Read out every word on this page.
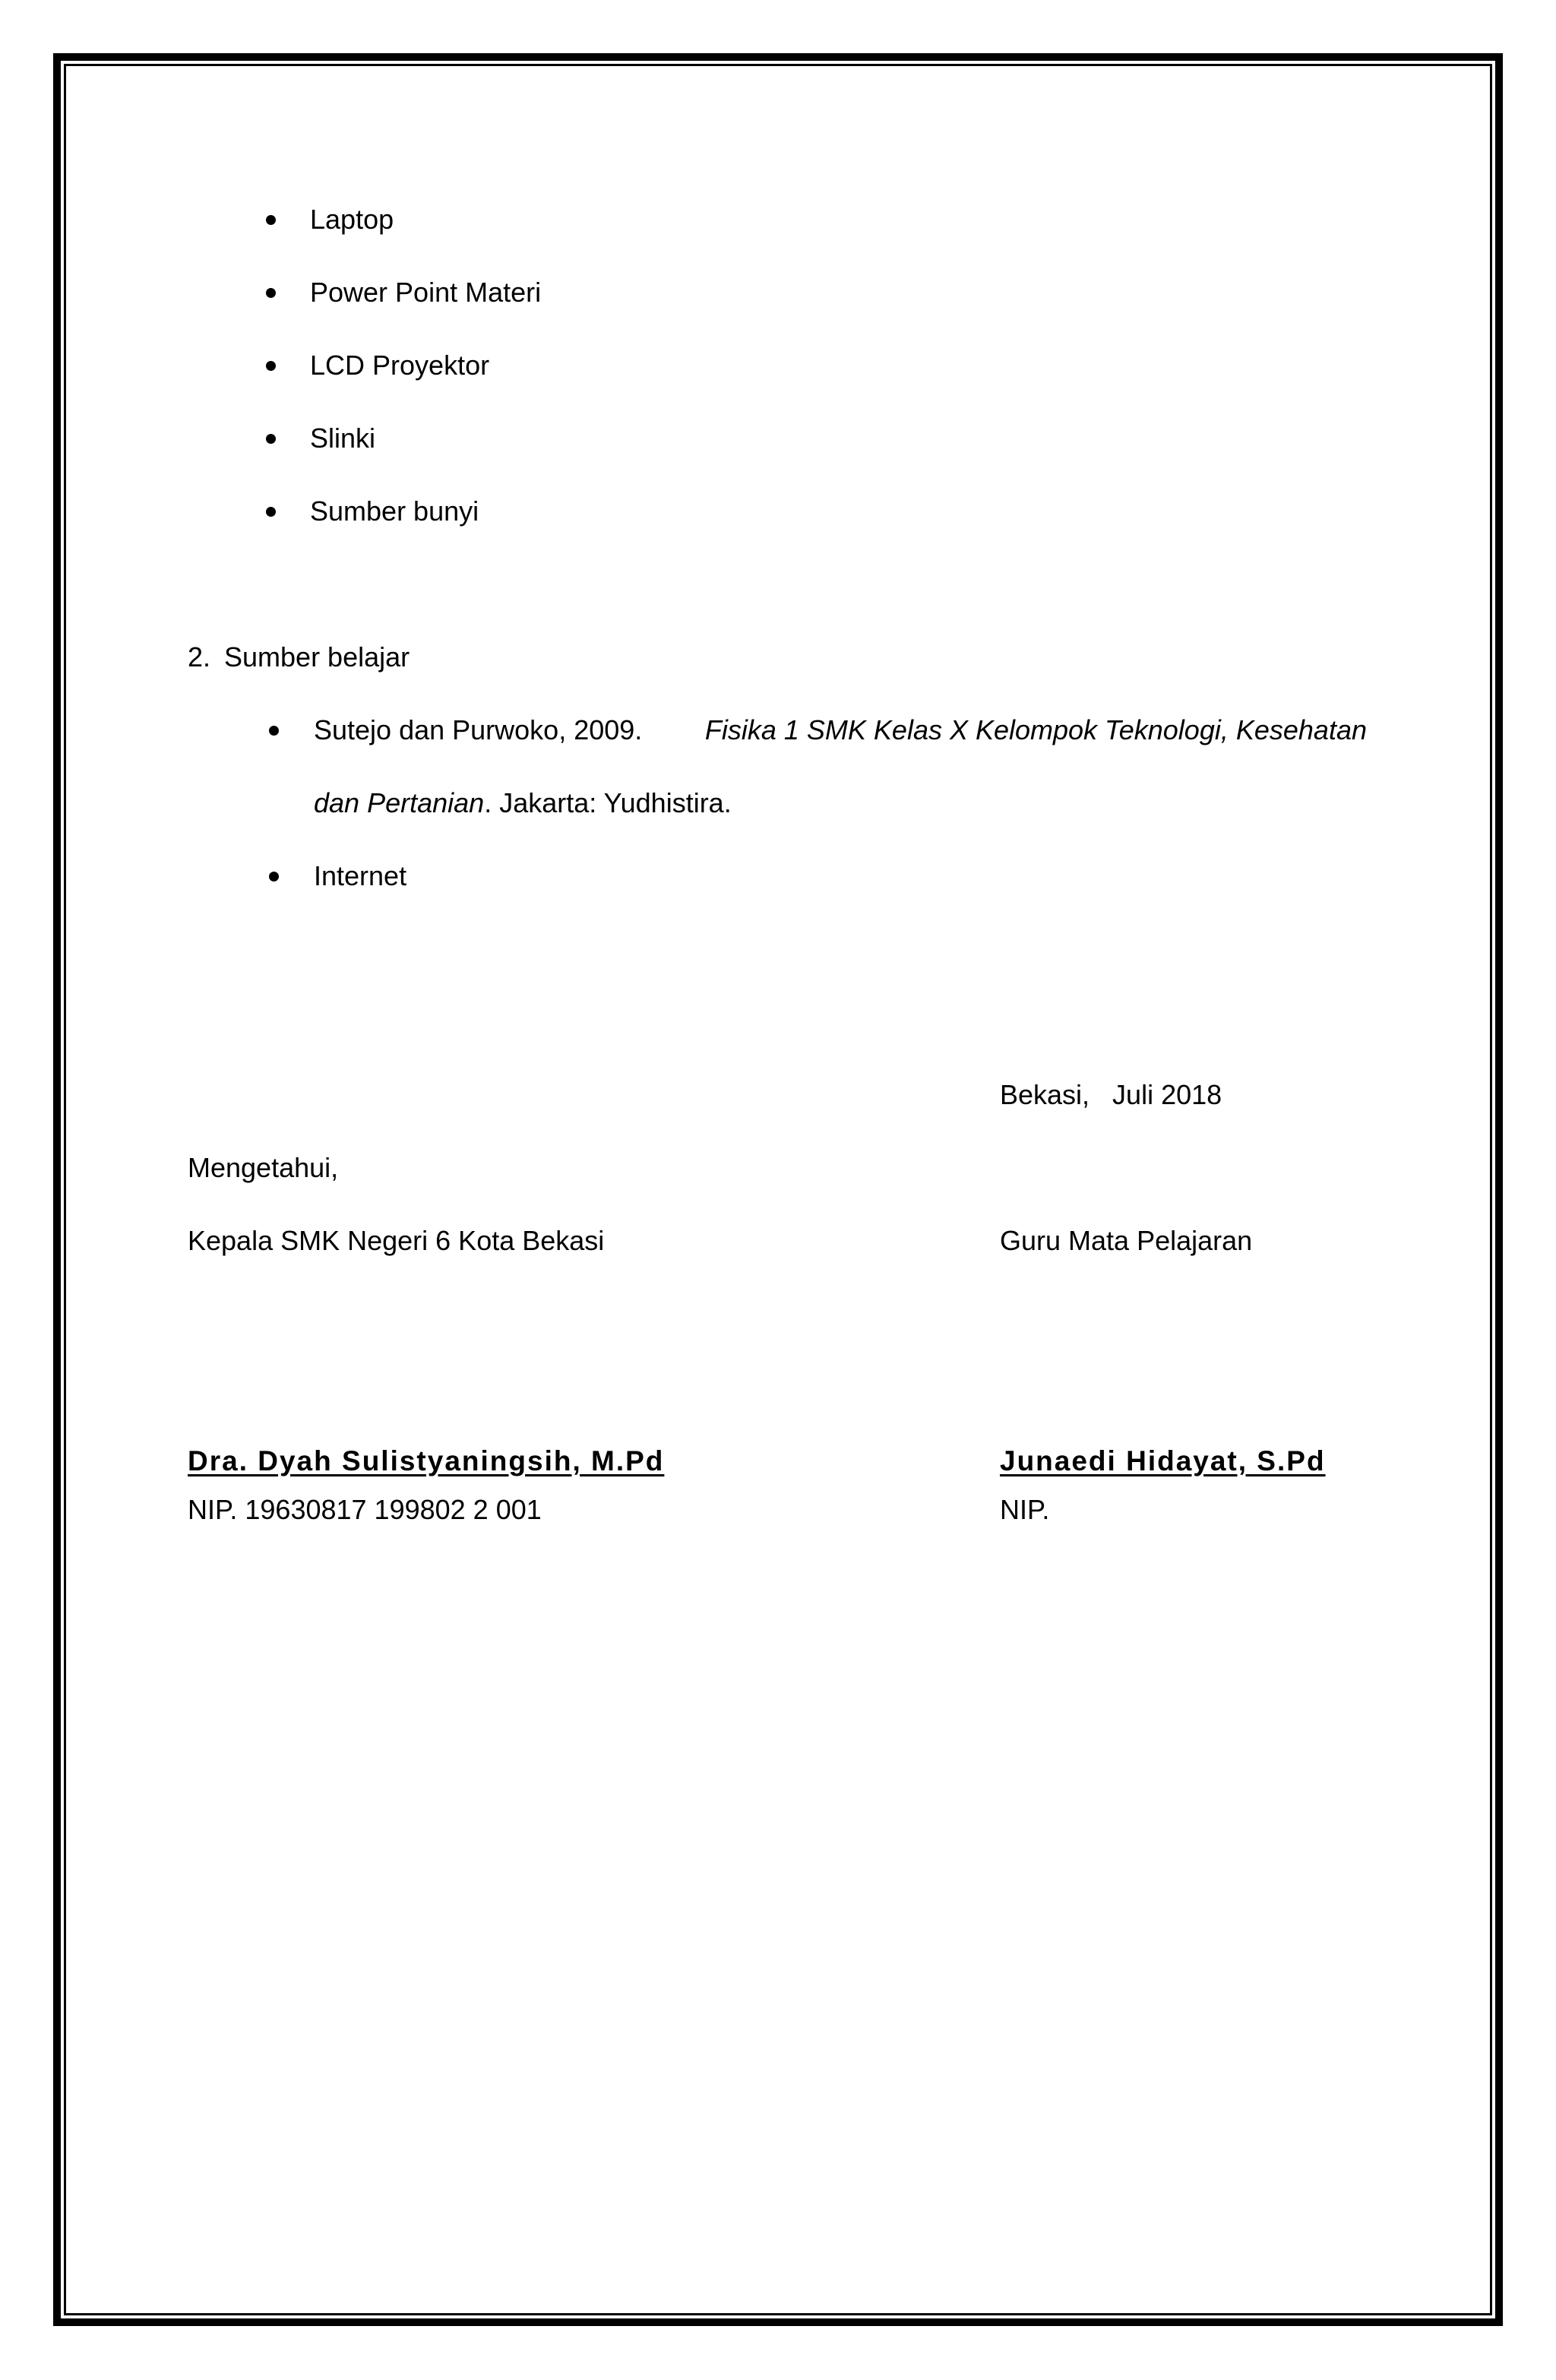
Laptop
Power Point Materi
LCD Proyektor
Slinki
Sumber bunyi
2. Sumber belajar
Sutejo dan Purwoko, 2009. Fisika 1 SMK Kelas X Kelompok Teknologi, Kesehatan
dan Pertanian. Jakarta: Yudhistira.
Internet
Bekasi,   Juli 2018
Mengetahui,
Kepala SMK Negeri 6 Kota Bekasi	Guru Mata Pelajaran
Dra. Dyah Sulistyaningsih, M.Pd	Junaedi Hidayat, S.Pd
NIP. 19630817 199802 2 001	NIP.
